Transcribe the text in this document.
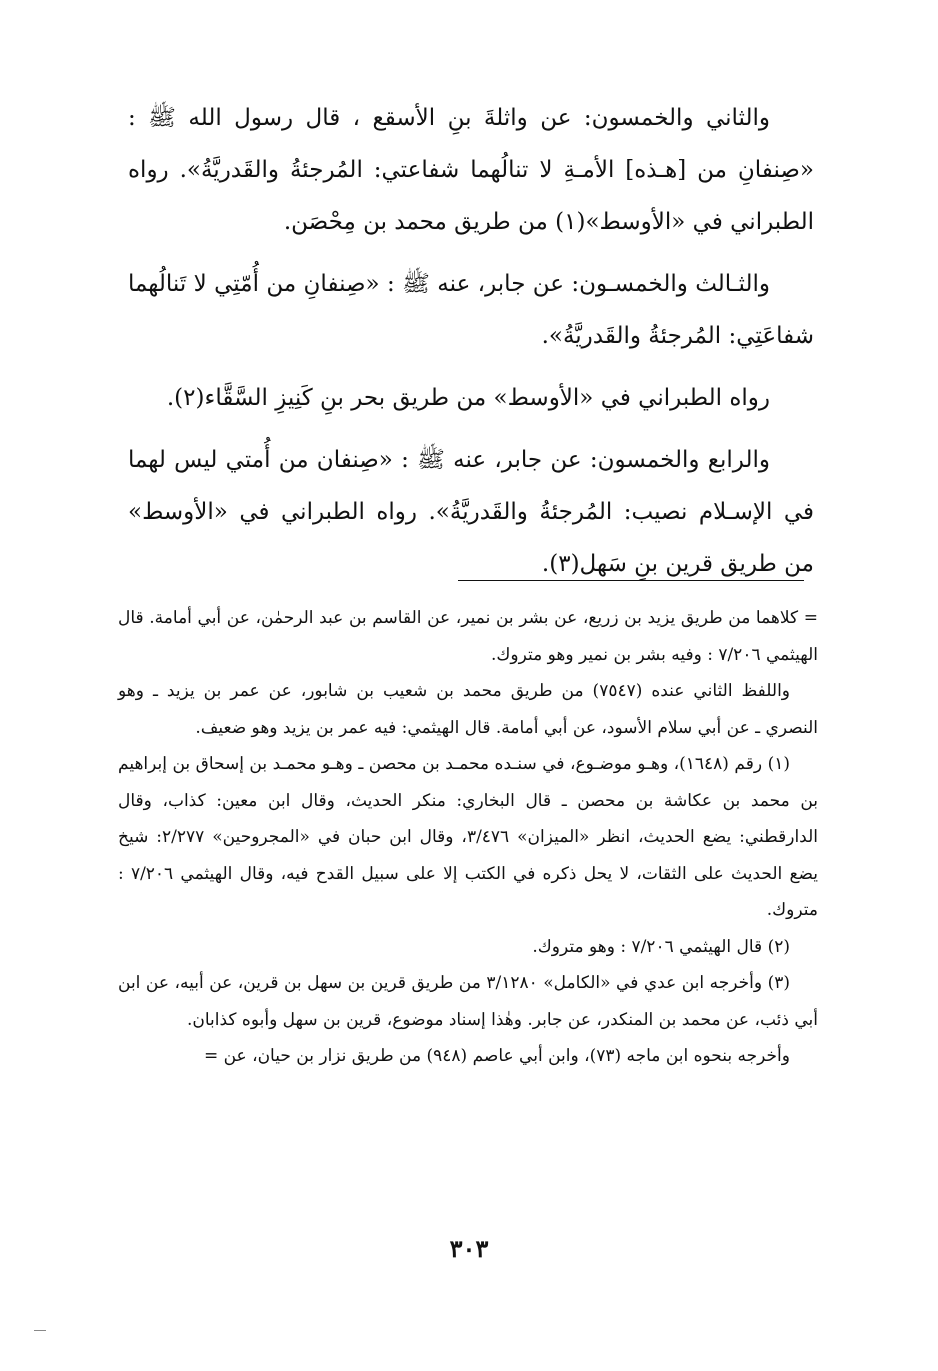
والثاني والخمسون: عن واثلةَ بنِ الأسقع ، قال رسول الله ﷺ : «صِنفانِ من [هـذه] الأمـةِ لا تنالُهما شفاعتي: المُرجئةُ والقَدريَّةُ». رواه الطبراني في «الأوسط»(١) من طريق محمد بن مِحْصَن.

والثـالث والخمسـون: عن جابر، عنه ﷺ : «صِنفانِ من أُمّتِي لا تَنالُهما شفاعَتِي: المُرجئةُ والقَدريَّةُ».

رواه الطبراني في «الأوسط» من طريق بحر بنِ كَنِيزِ السَّقَّاء(٢).

والرابع والخمسون: عن جابر، عنه ﷺ : «صِنفان من أُمتي ليس لهما في الإسـلام نصيب: المُرجئةُ والقَدريَّةُ». رواه الطبراني في «الأوسط» من طريق قرين بنِ سَهل(٣).

= كلاهما من طريق يزيد بن زريع، عن بشر بن نمير، عن القاسم بن عبد الرحمٰن، عن أبي أمامة. قال الهيثمي ٧/٢٠٦ : وفيه بشر بن نمير وهو متروك.

واللفظ الثاني عنده (٧٥٤٧) من طريق محمد بن شعيب بن شابور، عن عمر بن يزيد ـ وهو النصري ـ عن أبي سلام الأسود، عن أبي أمامة. قال الهيثمي: فيه عمر بن يزيد وهو ضعيف.

(١) رقم (١٦٤٨)، وهـو موضـوع، في سنـده محمـد بن محصن ـ وهـو محمـد بن إسحاق بن إبراهيم بن محمد بن عكاشة بن محصن ـ قال البخاري: منكر الحديث، وقال ابن معين: كذاب، وقال الدارقطني: يضع الحديث، انظر «الميزان» ٣/٤٧٦، وقال ابن حبان في «المجروحين» ٢/٢٧٧: شيخ يضع الحديث على الثقات، لا يحل ذكره في الكتب إلا على سبيل القدح فيه، وقال الهيثمي ٧/٢٠٦ : متروك.

(٢) قال الهيثمي ٧/٢٠٦ : وهو متروك.

(٣) وأخرجه ابن عدي في «الكامل» ٣/١٢٨٠ من طريق قرين بن سهل بن قرين، عن أبيه، عن ابن أبي ذئب، عن محمد بن المنكدر، عن جابر. وهٰذا إسناد موضوع، قرين بن سهل وأبوه كذابان.

وأخرجه بنحوه ابن ماجه (٧٣)، وابن أبي عاصم (٩٤٨) من طريق نزار بن حيان، عن =

٣٠٣
